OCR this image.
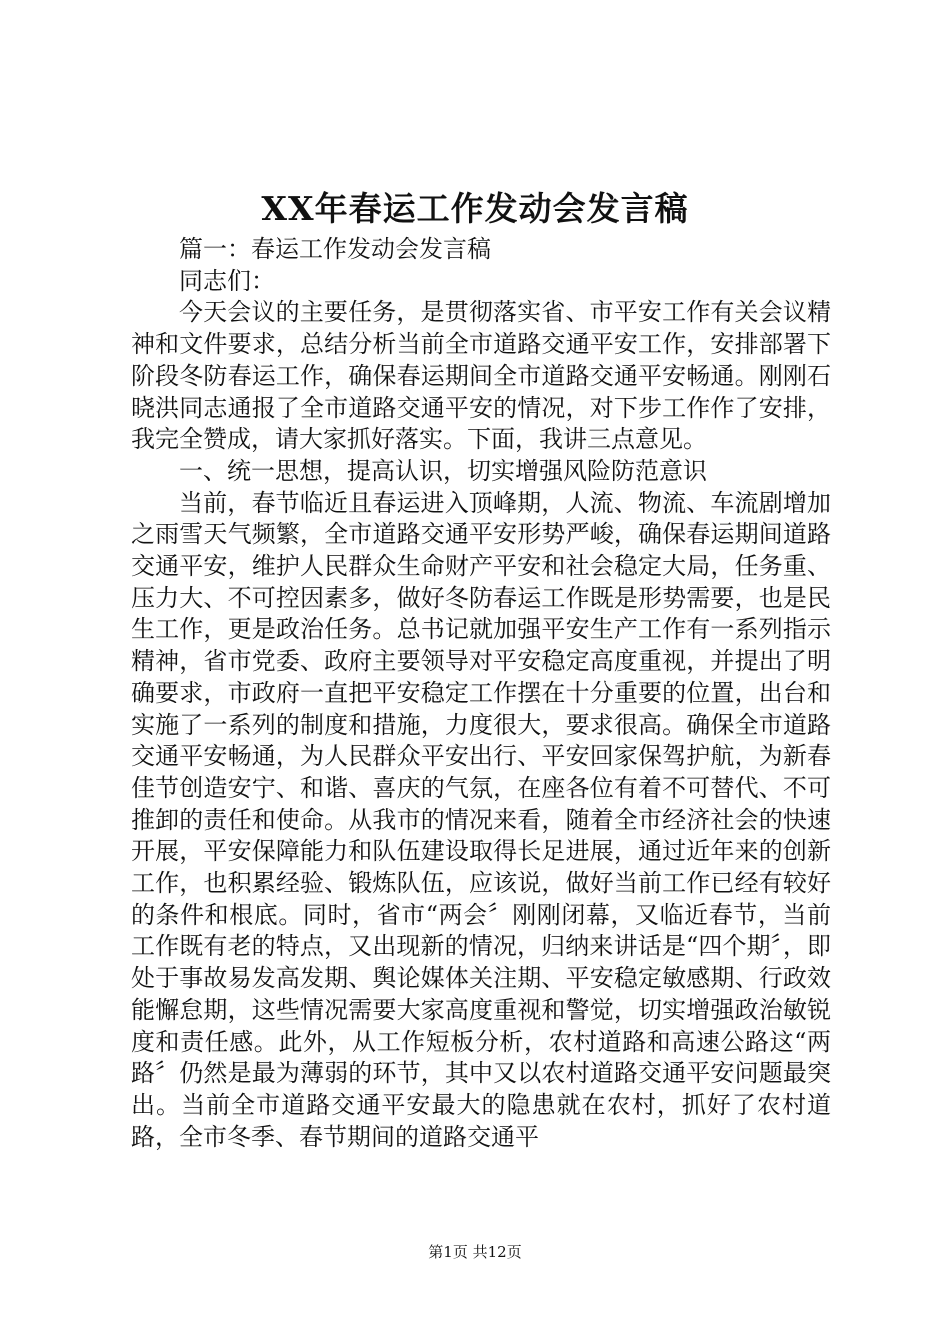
XX年春运工作发动会发言稿

篇一：春运工作发动会发言稿

同志们：

今天会议的主要任务，是贯彻落实省、市平安工作有关会议精神和文件要求，总结分析当前全市道路交通平安工作，安排部署下阶段冬防春运工作，确保春运期间全市道路交通平安畅通。刚刚石晓洪同志通报了全市道路交通平安的情况，对下步工作作了安排，我完全赞成，请大家抓好落实。下面，我讲三点意见。

一、统一思想，提高认识，切实增强风险防范意识

当前，春节临近且春运进入顶峰期，人流、物流、车流剧增加之雨雪天气频繁，全市道路交通平安形势严峻，确保春运期间道路交通平安，维护人民群众生命财产平安和社会稳定大局，任务重、压力大、不可控因素多，做好冬防春运工作既是形势需要，也是民生工作，更是政治任务。总书记就加强平安生产工作有一系列指示精神，省市党委、政府主要领导对平安稳定高度重视，并提出了明确要求，市政府一直把平安稳定工作摆在十分重要的位置，出台和实施了一系列的制度和措施，力度很大，要求很高。确保全市道路交通平安畅通，为人民群众平安出行、平安回家保驾护航，为新春佳节创造安宁、和谐、喜庆的气氛，在座各位有着不可替代、不可推卸的责任和使命。从我市的情况来看，随着全市经济社会的快速开展，平安保障能力和队伍建设取得长足进展，通过近年来的创新工作，也积累经验、锻炼队伍，应该说，做好当前工作已经有较好的条件和根底。同时，省市“两会〞刚刚闭幕，又临近春节，当前工作既有老的特点，又出现新的情况，归纳来讲话是“四个期〞，即处于事故易发高发期、舆论媒体关注期、平安稳定敏感期、行政效能懈怠期，这些情况需要大家高度重视和警觉，切实增强政治敏锐度和责任感。此外，从工作短板分析，农村道路和高速公路这“两路〞仍然是最为薄弱的环节，其中又以农村道路交通平安问题最突出。当前全市道路交通平安最大的隐患就在农村，抓好了农村道路，全市冬季、春节期间的道路交通平

第1页 共12页
